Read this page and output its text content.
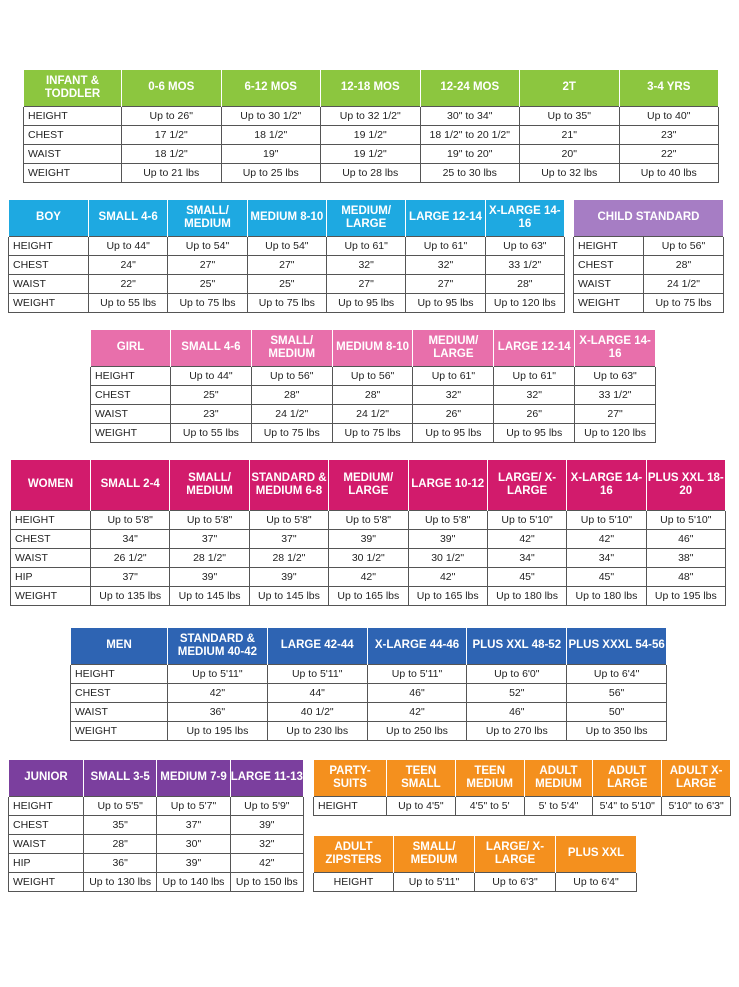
INFANT & TODDLER	0-6 MOS	6-12 MOS	12-18 MOS	12-24 MOS	2T	3-4 YRS
HEIGHT	Up to 26"	Up to 30 1/2"	Up to 32 1/2"	30" to 34"	Up to 35"	Up to 40"
CHEST	17 1/2"	18 1/2"	19 1/2"	18 1/2" to 20 1/2"	21"	23"
WAIST	18 1/2"	19"	19 1/2"	19" to 20"	20"	22"
WEIGHT	Up to 21 lbs	Up to 25 lbs	Up to 28 lbs	25 to 30 lbs	Up to 32 lbs	Up to 40 lbs
BOY	SMALL 4-6	SMALL/ MEDIUM	MEDIUM 8-10	MEDIUM/ LARGE	LARGE 12-14	X-LARGE 14-16
HEIGHT	Up to 44"	Up to 54"	Up to 54"	Up to 61"	Up to 61"	Up to 63"
CHEST	24"	27"	27"	32"	32"	33 1/2"
WAIST	22"	25"	25"	27"	27"	28"
WEIGHT	Up to 55 lbs	Up to 75 lbs	Up to 75 lbs	Up to 95 lbs	Up to 95 lbs	Up to 120 lbs
CHILD STANDARD	
HEIGHT	Up to 56"
CHEST	28"
WAIST	24 1/2"
WEIGHT	Up to 75 lbs
GIRL	SMALL 4-6	SMALL/ MEDIUM	MEDIUM 8-10	MEDIUM/ LARGE	LARGE 12-14	X-LARGE 14-16
HEIGHT	Up to 44"	Up to 56"	Up to 56"	Up to 61"	Up to 61"	Up to 63"
CHEST	25"	28"	28"	32"	32"	33 1/2"
WAIST	23"	24 1/2"	24 1/2"	26"	26"	27"
WEIGHT	Up to 55 lbs	Up to 75 lbs	Up to 75 lbs	Up to 95 lbs	Up to 95 lbs	Up to 120 lbs
WOMEN	SMALL 2-4	SMALL/ MEDIUM	STANDARD & MEDIUM 6-8	MEDIUM/ LARGE	LARGE 10-12	LARGE/ X-LARGE	X-LARGE 14-16	PLUS XXL 18-20
HEIGHT	Up to 5'8"	Up to 5'8"	Up to 5'8"	Up to 5'8"	Up to 5'8"	Up to 5'10"	Up to 5'10"	Up to 5'10"
CHEST	34"	37"	37"	39"	39"	42"	42"	46"
WAIST	26 1/2"	28 1/2"	28 1/2"	30 1/2"	30 1/2"	34"	34"	38"
HIP	37"	39"	39"	42"	42"	45"	45"	48"
WEIGHT	Up to 135 lbs	Up to 145 lbs	Up to 145 lbs	Up to 165 lbs	Up to 165 lbs	Up to 180 lbs	Up to 180 lbs	Up to 195 lbs
MEN	STANDARD & MEDIUM 40-42	LARGE 42-44	X-LARGE 44-46	PLUS XXL 48-52	PLUS XXXL 54-56
HEIGHT	Up to 5'11"	Up to 5'11"	Up to 5'11"	Up to 6'0"	Up to 6'4"
CHEST	42"	44"	46"	52"	56"
WAIST	36"	40 1/2"	42"	46"	50"
WEIGHT	Up to 195 lbs	Up to 230 lbs	Up to 250 lbs	Up to 270 lbs	Up to 350 lbs
JUNIOR	SMALL 3-5	MEDIUM 7-9	LARGE 11-13
HEIGHT	Up to 5'5"	Up to 5'7"	Up to 5'9"
CHEST	35"	37"	39"
WAIST	28"	30"	32"
HIP	36"	39"	42"
WEIGHT	Up to 130 lbs	Up to 140 lbs	Up to 150 lbs
PARTY-SUITS	TEEN SMALL	TEEN MEDIUM	ADULT MEDIUM	ADULT LARGE	ADULT X-LARGE
HEIGHT	Up to 4'5"	4'5" to 5'	5' to 5'4"	5'4" to 5'10"	5'10" to 6'3"
ADULT ZIPSTERS	SMALL/ MEDIUM	LARGE/ X-LARGE	PLUS XXL
HEIGHT	Up to 5'11"	Up to 6'3"	Up to 6'4"
